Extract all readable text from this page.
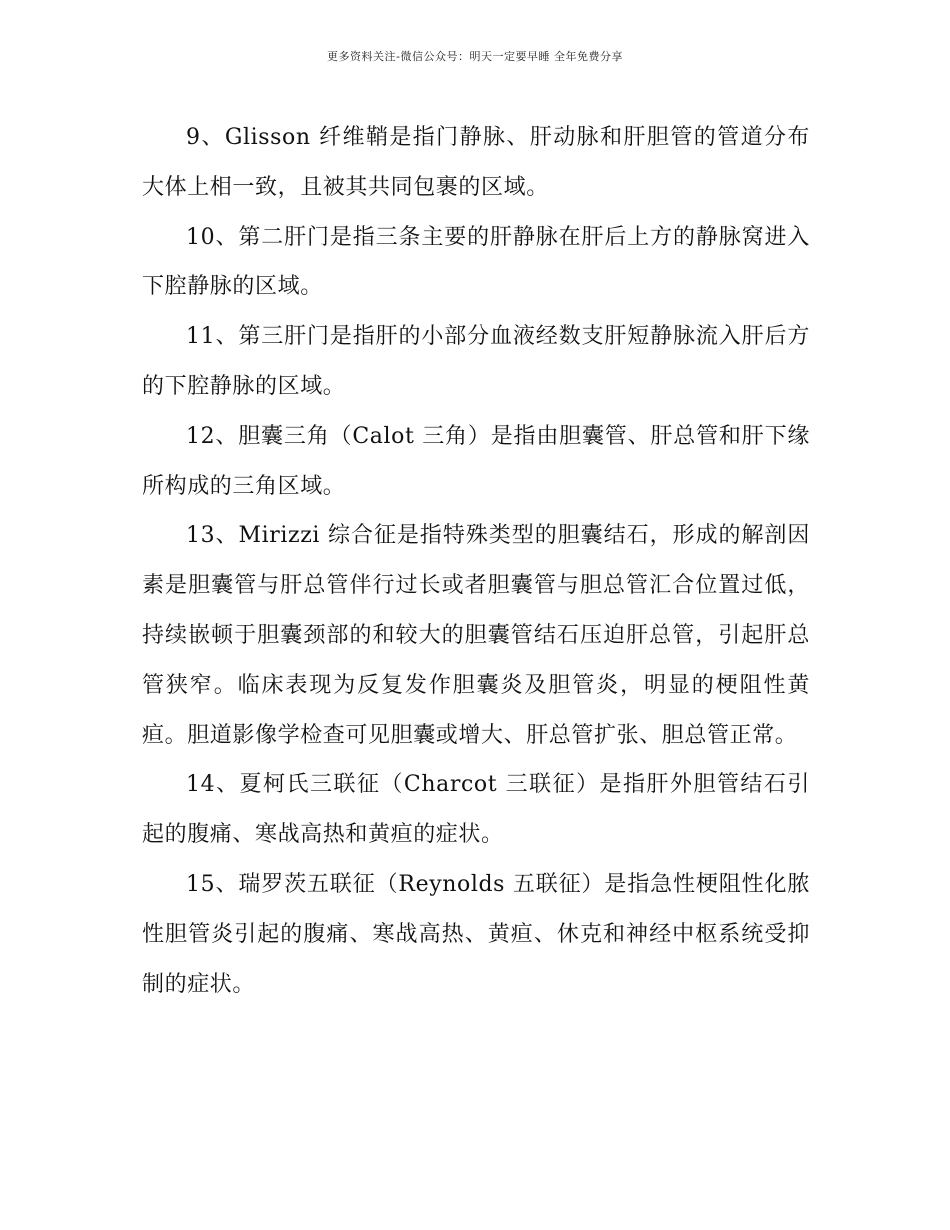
更多资料关注-微信公众号：明天一定要早睡 全年免费分享

9、Glisson 纤维鞘是指门静脉、肝动脉和肝胆管的管道分布大体上相一致，且被其共同包裹的区域。

10、第二肝门是指三条主要的肝静脉在肝后上方的静脉窝进入下腔静脉的区域。

11、第三肝门是指肝的小部分血液经数支肝短静脉流入肝后方的下腔静脉的区域。

12、胆囊三角（Calot 三角）是指由胆囊管、肝总管和肝下缘所构成的三角区域。

13、Mirizzi 综合征是指特殊类型的胆囊结石，形成的解剖因素是胆囊管与肝总管伴行过长或者胆囊管与胆总管汇合位置过低，持续嵌顿于胆囊颈部的和较大的胆囊管结石压迫肝总管，引起肝总管狭窄。临床表现为反复发作胆囊炎及胆管炎，明显的梗阻性黄疸。胆道影像学检查可见胆囊或增大、肝总管扩张、胆总管正常。

14、夏柯氏三联征（Charcot 三联征）是指肝外胆管结石引起的腹痛、寒战高热和黄疸的症状。

15、瑞罗茨五联征（Reynolds 五联征）是指急性梗阻性化脓性胆管炎引起的腹痛、寒战高热、黄疸、休克和神经中枢系统受抑制的症状。
